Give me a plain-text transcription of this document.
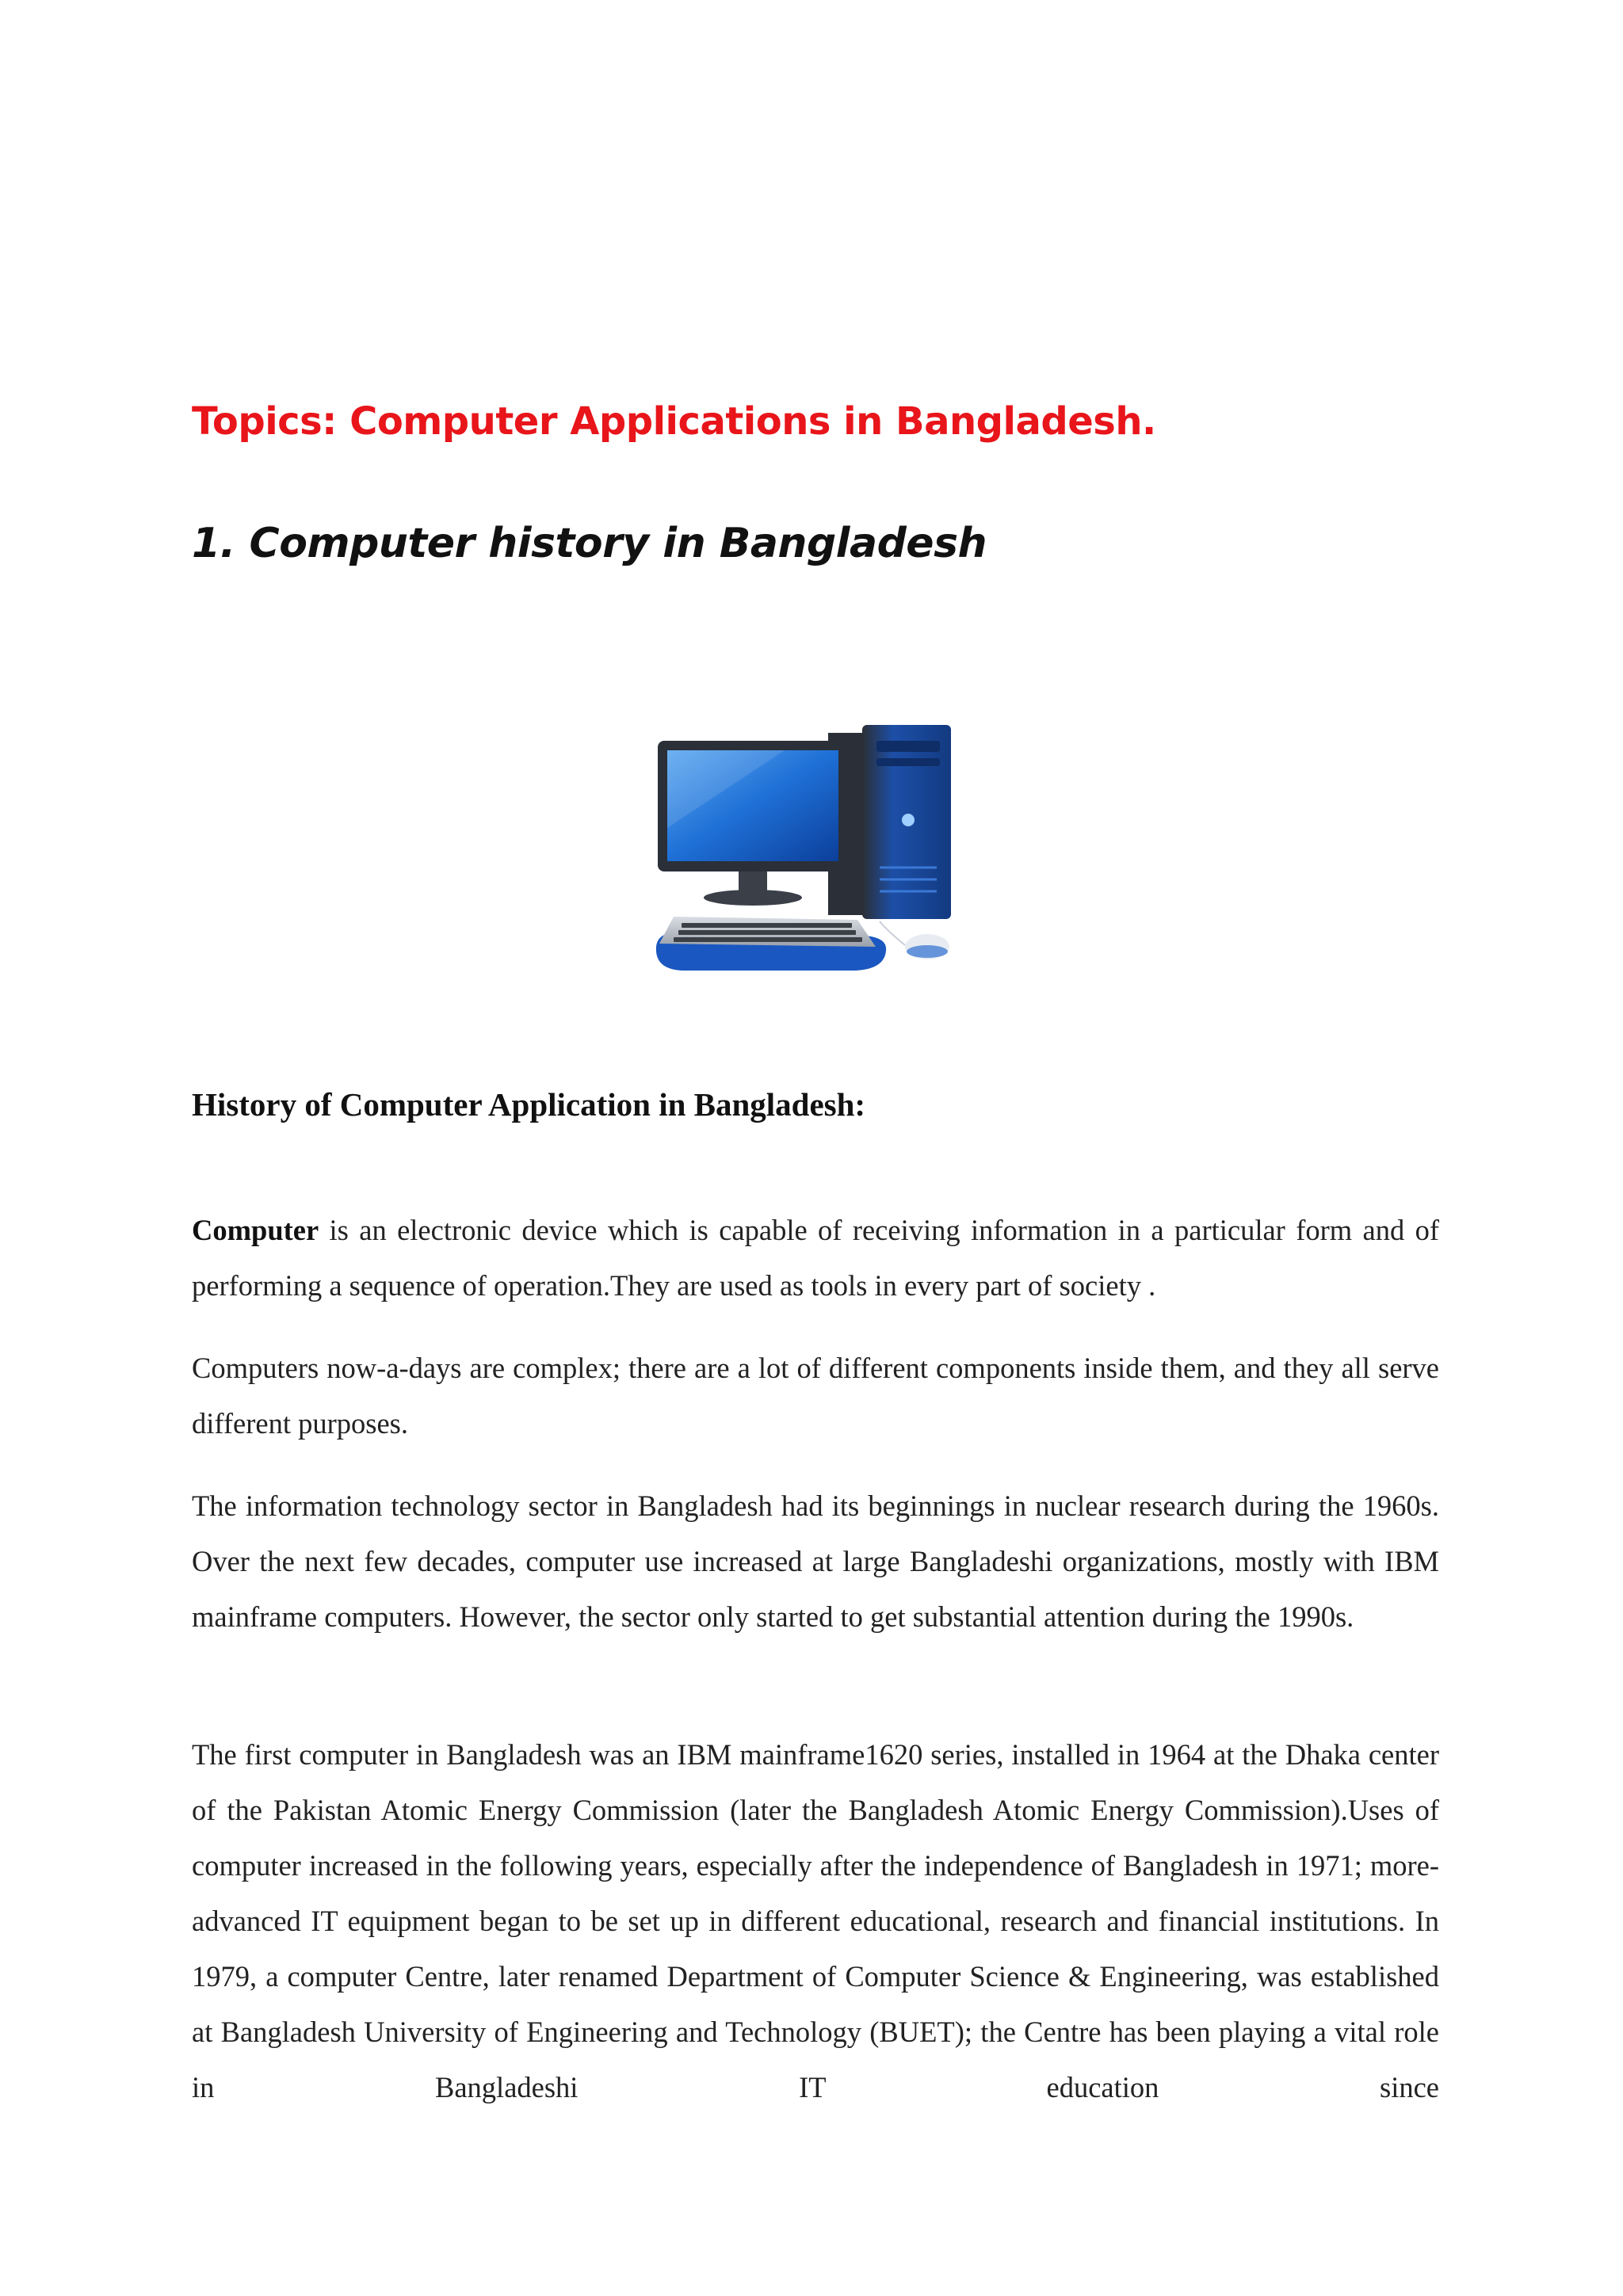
Topics: Computer Applications in Bangladesh.
1. Computer history in Bangladesh
History of Computer Application in Bangladesh:

Computer is an electronic device which is capable of receiving information in a particular form and of performing a sequence of operation.They are used as tools in every part of society .

Computers now-a-days are complex; there are a lot of different components inside them, and they all serve different purposes.

The information technology sector in Bangladesh had its beginnings in nuclear research during the 1960s. Over the next few decades, computer use increased at large Bangladeshi organizations, mostly with IBM mainframe computers. However, the sector only started to get substantial attention during the 1990s.

The first computer in Bangladesh was an IBM mainframe1620 series, installed in 1964 at the Dhaka center of the Pakistan Atomic Energy Commission (later the Bangladesh Atomic Energy Commission).Uses of computer increased in the following years, especially after the independence of Bangladesh in 1971; more-advanced IT equipment began to be set up in different educational, research and financial institutions. In 1979, a computer Centre, later renamed Department of Computer Science & Engineering, was established at Bangladesh University of Engineering and Technology (BUET); the Centre has been playing a vital role in Bangladeshi IT education since
